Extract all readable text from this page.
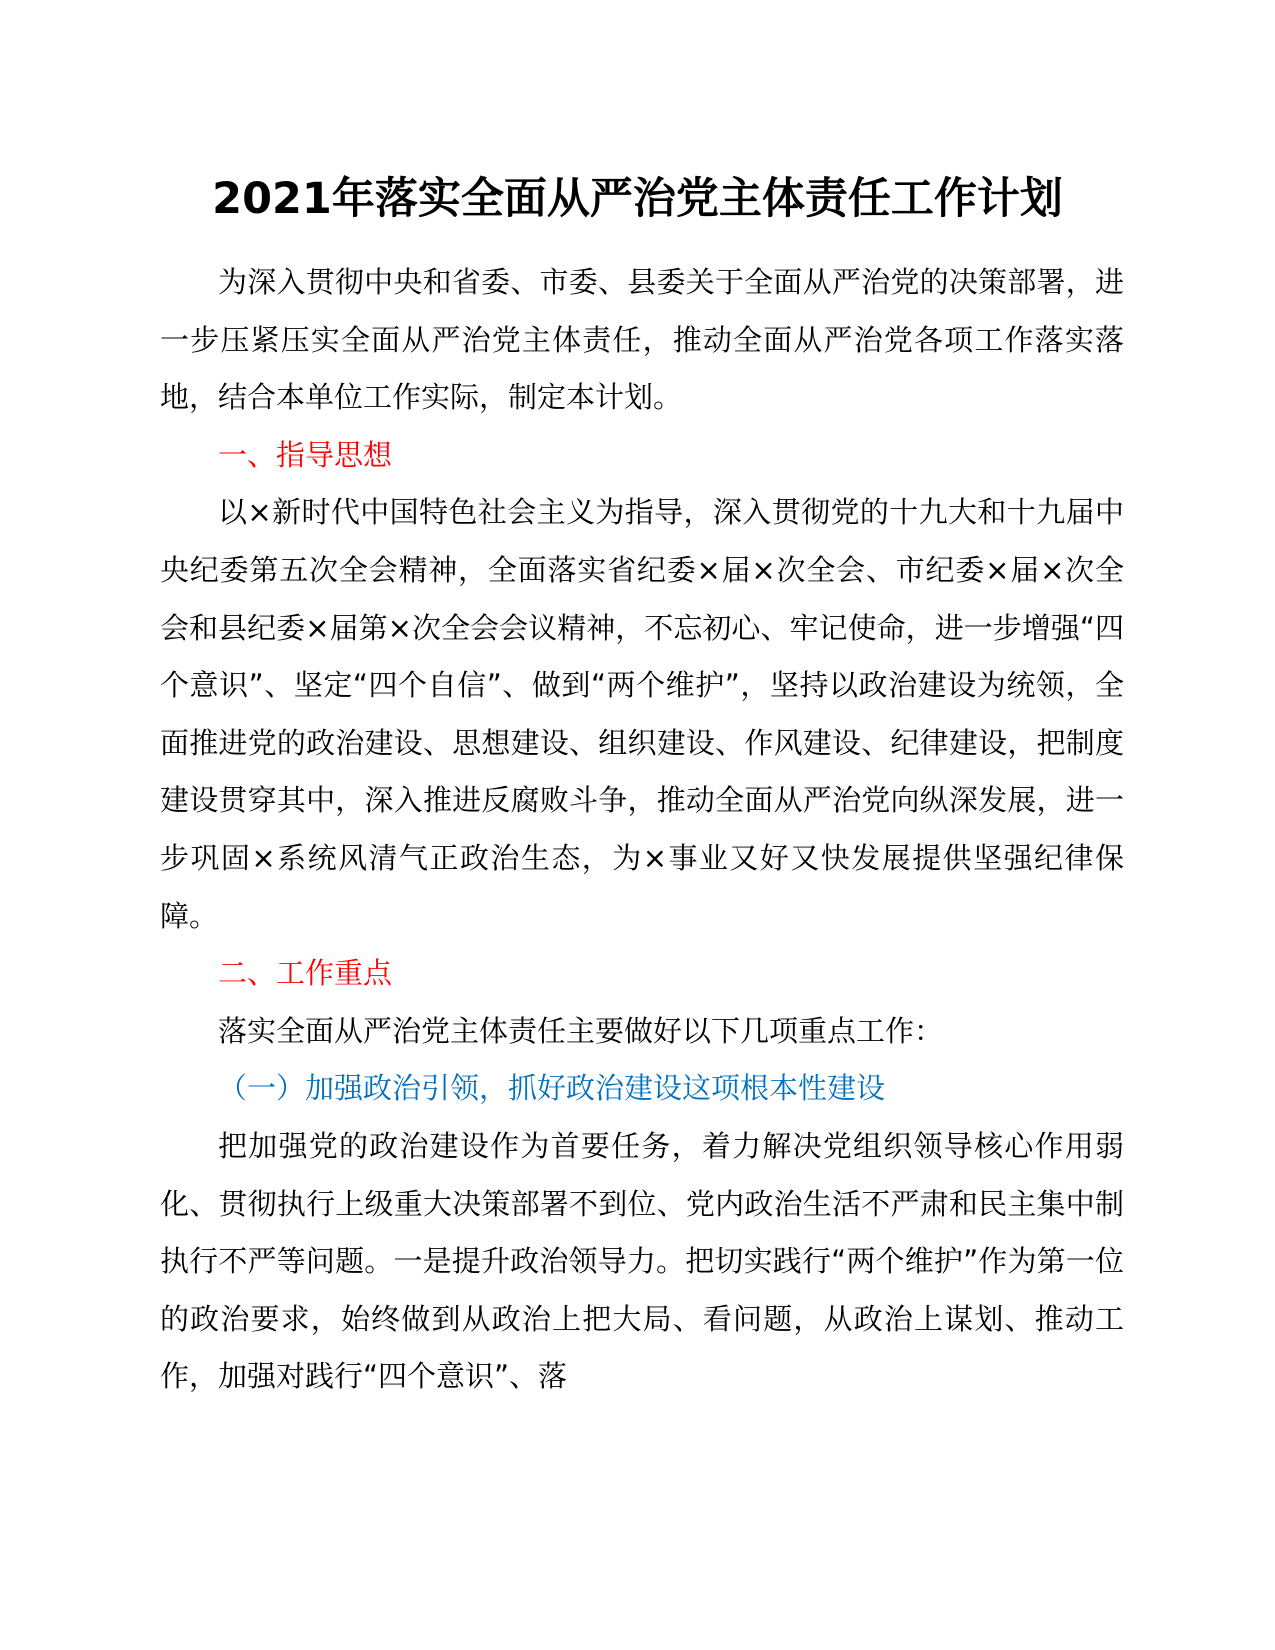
2021年落实全面从严治党主体责任工作计划

为深入贯彻中央和省委、市委、县委关于全面从严治党的决策部署，进一步压紧压实全面从严治党主体责任，推动全面从严治党各项工作落实落地，结合本单位工作实际，制定本计划。

一、指导思想

以×新时代中国特色社会主义为指导，深入贯彻党的十九大和十九届中央纪委第五次全会精神，全面落实省纪委×届×次全会、市纪委×届×次全会和县纪委×届第×次全会会议精神，不忘初心、牢记使命，进一步增强“四个意识”、坚定“四个自信”、做到“两个维护”，坚持以政治建设为统领，全面推进党的政治建设、思想建设、组织建设、作风建设、纪律建设，把制度建设贯穿其中，深入推进反腐败斗争，推动全面从严治党向纵深发展，进一步巩固×系统风清气正政治生态，为×事业又好又快发展提供坚强纪律保障。

二、工作重点

落实全面从严治党主体责任主要做好以下几项重点工作：

（一）加强政治引领，抓好政治建设这项根本性建设

把加强党的政治建设作为首要任务，着力解决党组织领导核心作用弱化、贯彻执行上级重大决策部署不到位、党内政治生活不严肃和民主集中制执行不严等问题。一是提升政治领导力。把切实践行“两个维护”作为第一位的政治要求，始终做到从政治上把大局、看问题，从政治上谋划、推动工作，加强对践行“四个意识”、落
